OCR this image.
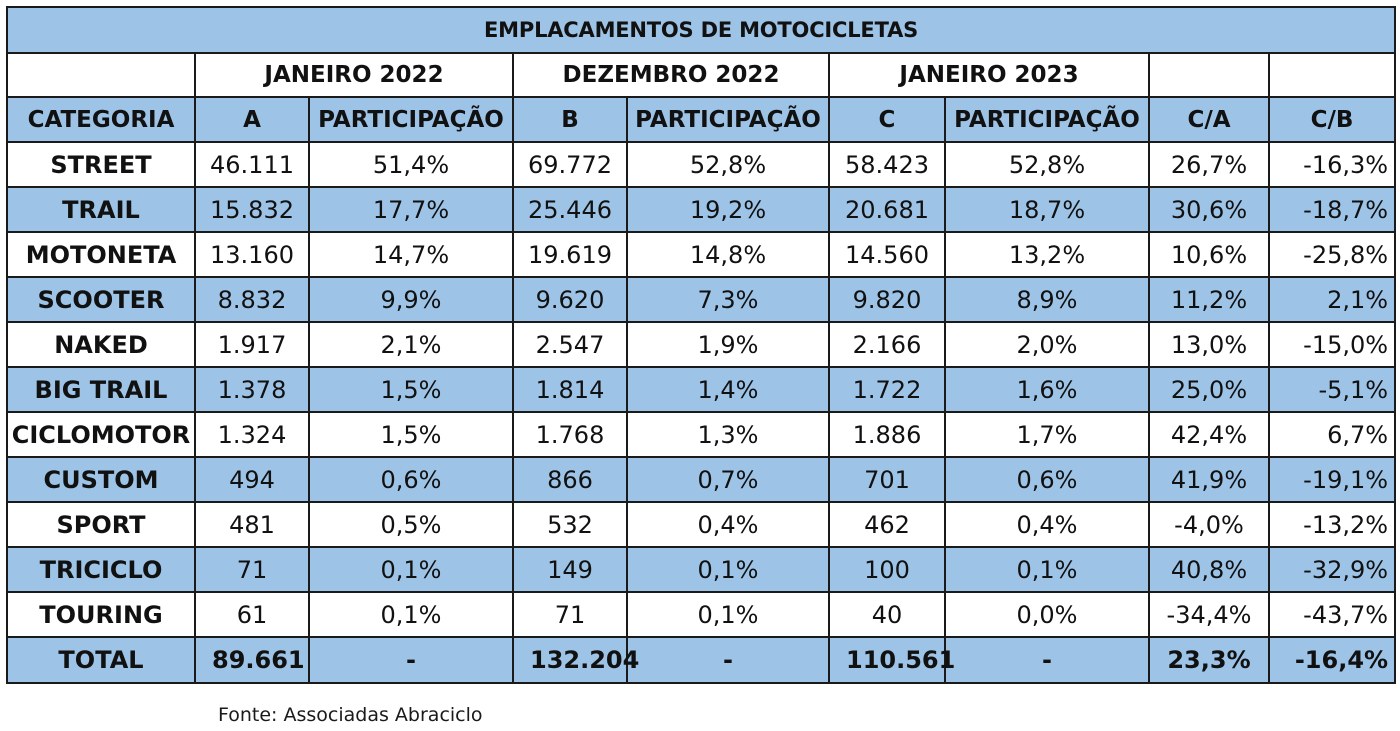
EMPLACAMENTOS DE MOTOCICLETAS								
	JANEIRO 2022		DEZEMBRO 2022		JANEIRO 2023			
CATEGORIA	A	PARTICIPAÇÃO	B	PARTICIPAÇÃO	C	PARTICIPAÇÃO	C/A	C/B
STREET	46.111	51,4%	69.772	52,8%	58.423	52,8%	26,7%	-16,3%
TRAIL	15.832	17,7%	25.446	19,2%	20.681	18,7%	30,6%	-18,7%
MOTONETA	13.160	14,7%	19.619	14,8%	14.560	13,2%	10,6%	-25,8%
SCOOTER	8.832	9,9%	9.620	7,3%	9.820	8,9%	11,2%	2,1%
NAKED	1.917	2,1%	2.547	1,9%	2.166	2,0%	13,0%	-15,0%
BIG TRAIL	1.378	1,5%	1.814	1,4%	1.722	1,6%	25,0%	-5,1%
CICLOMOTOR	1.324	1,5%	1.768	1,3%	1.886	1,7%	42,4%	6,7%
CUSTOM	494	0,6%	866	0,7%	701	0,6%	41,9%	-19,1%
SPORT	481	0,5%	532	0,4%	462	0,4%	-4,0%	-13,2%
TRICICLO	71	0,1%	149	0,1%	100	0,1%	40,8%	-32,9%
TOURING	61	0,1%	71	0,1%	40	0,0%	-34,4%	-43,7%
TOTAL	89.661	-	132.204	-	110.561	-	23,3%	-16,4%
Fonte: Associadas Abraciclo
